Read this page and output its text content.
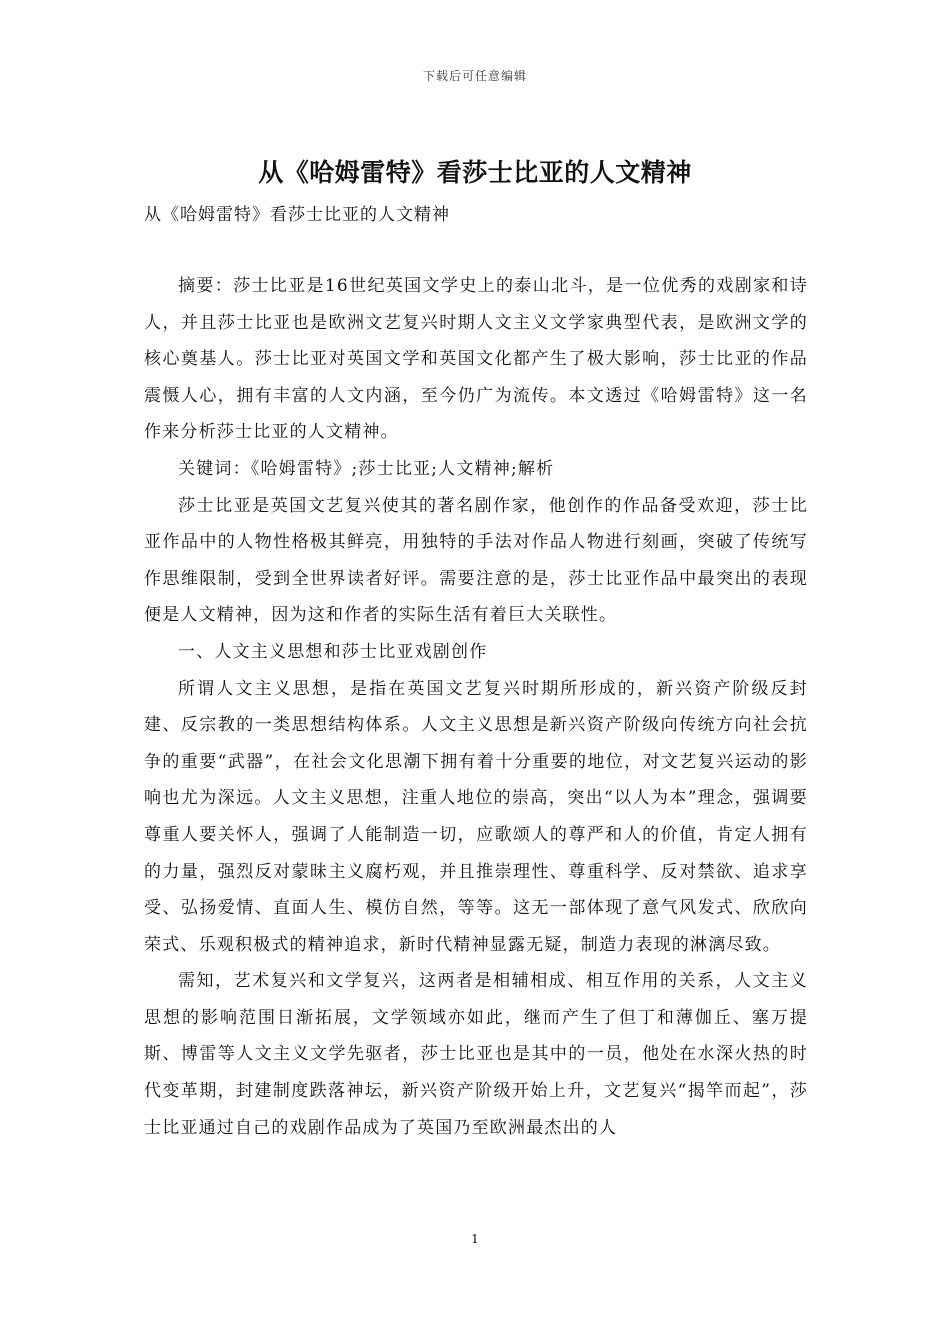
下载后可任意编辑
从《哈姆雷特》看莎士比亚的人文精神
从《哈姆雷特》看莎士比亚的人文精神

摘要：莎士比亚是16世纪英国文学史上的泰山北斗，是一位优秀的戏剧家和诗人，并且莎士比亚也是欧洲文艺复兴时期人文主义文学家典型代表，是欧洲文学的核心奠基人。莎士比亚对英国文学和英国文化都产生了极大影响，莎士比亚的作品震慑人心，拥有丰富的人文内涵，至今仍广为流传。本文透过《哈姆雷特》这一名作来分析莎士比亚的人文精神。

关键词：《哈姆雷特》;莎士比亚;人文精神;解析

莎士比亚是英国文艺复兴使其的著名剧作家，他创作的作品备受欢迎，莎士比亚作品中的人物性格极其鲜亮，用独特的手法对作品人物进行刻画，突破了传统写作思维限制，受到全世界读者好评。需要注意的是，莎士比亚作品中最突出的表现便是人文精神，因为这和作者的实际生活有着巨大关联性。

一、人文主义思想和莎士比亚戏剧创作

所谓人文主义思想，是指在英国文艺复兴时期所形成的，新兴资产阶级反封建、反宗教的一类思想结构体系。人文主义思想是新兴资产阶级向传统方向社会抗争的重要“武器”，在社会文化思潮下拥有着十分重要的地位，对文艺复兴运动的影响也尤为深远。人文主义思想，注重人地位的崇高，突出“以人为本”理念，强调要尊重人要关怀人，强调了人能制造一切，应歌颂人的尊严和人的价值，肯定人拥有的力量，强烈反对蒙昧主义腐朽观，并且推崇理性、尊重科学、反对禁欲、追求享受、弘扬爱情、直面人生、模仿自然，等等。这无一部体现了意气风发式、欣欣向荣式、乐观积极式的精神追求，新时代精神显露无疑，制造力表现的淋漓尽致。

需知，艺术复兴和文学复兴，这两者是相辅相成、相互作用的关系，人文主义思想的影响范围日渐拓展，文学领域亦如此，继而产生了但丁和薄伽丘、塞万提斯、博雷等人文主义文学先驱者，莎士比亚也是其中的一员，他处在水深火热的时代变革期，封建制度跌落神坛，新兴资产阶级开始上升，文艺复兴“揭竿而起”，莎士比亚通过自己的戏剧作品成为了英国乃至欧洲最杰出的人

1
